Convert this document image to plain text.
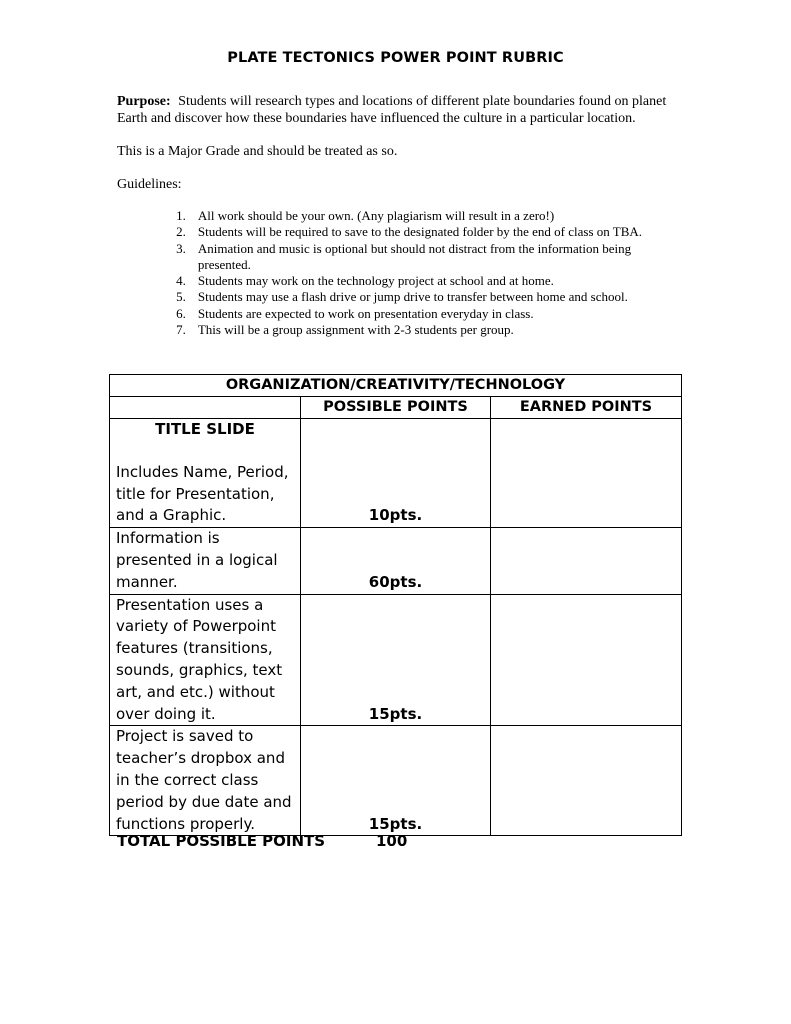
PLATE TECTONICS POWER POINT RUBRIC
Purpose: Students will research types and locations of different plate boundaries found on planet Earth and discover how these boundaries have influenced the culture in a particular location.
This is a Major Grade and should be treated as so.
Guidelines:
1. All work should be your own. (Any plagiarism will result in a zero!)
2. Students will be required to save to the designated folder by the end of class on TBA.
3. Animation and music is optional but should not distract from the information being presented.
4. Students may work on the technology project at school and at home.
5. Students may use a flash drive or jump drive to transfer between home and school.
6. Students are expected to work on presentation everyday in class.
7. This will be a group assignment with 2-3 students per group.
ORGANIZATION/CREATIVITY/TECHNOLOGY		
	POSSIBLE POINTS	EARNED POINTS

TITLE SLIDE
Includes Name, Period, title for Presentation, and a Graphic.	10pts.	

Information is presented in a logical manner.	60pts.	

Presentation uses a variety of Powerpoint features (transitions, sounds, graphics, text art, and etc.) without over doing it.	15pts.	

Project is saved to teacher’s dropbox and in the correct class period by due date and functions properly.	15pts.	

TOTAL POSSIBLE POINTS	100
